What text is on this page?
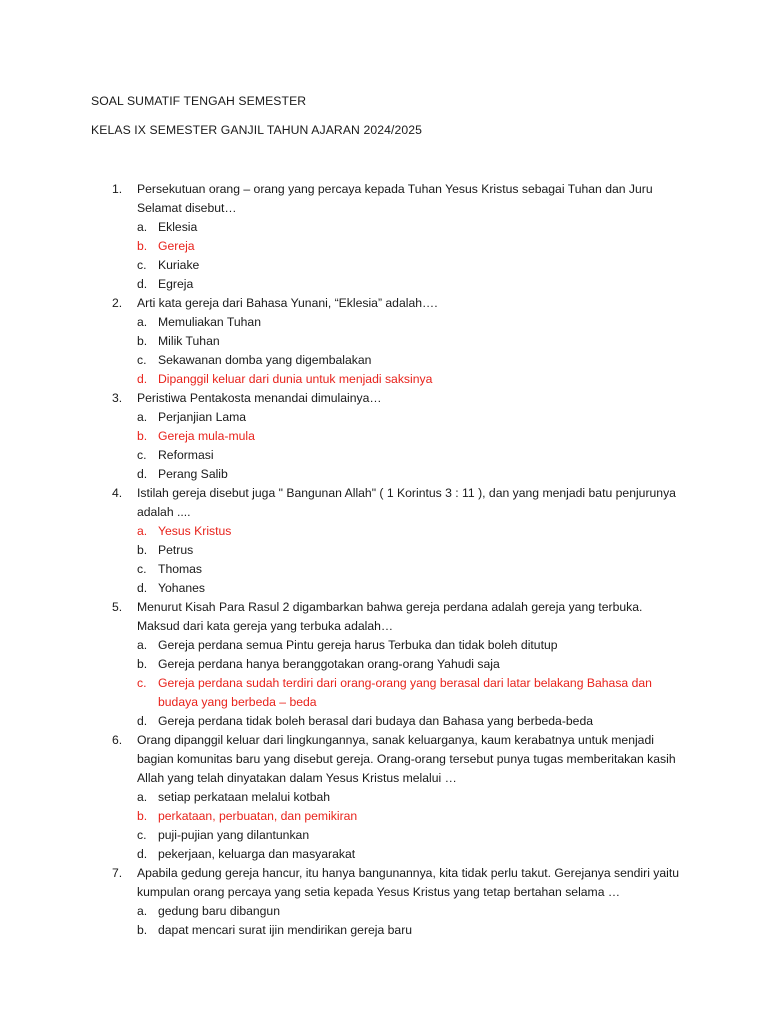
SOAL SUMATIF TENGAH SEMESTER
KELAS IX SEMESTER GANJIL TAHUN AJARAN 2024/2025
1.	Persekutuan orang – orang yang percaya kepada Tuhan Yesus Kristus sebagai Tuhan dan Juru Selamat disebut…
a. Eklesia
b. Gereja
c. Kuriake
d. Egreja
2.	Arti kata gereja dari Bahasa Yunani, “Eklesia” adalah….
a. Memuliakan Tuhan
b. Milik Tuhan
c. Sekawanan domba yang digembalakan
d. Dipanggil keluar dari dunia untuk menjadi saksinya
3.	Peristiwa Pentakosta menandai dimulainya…
a. Perjanjian Lama
b. Gereja mula-mula
c. Reformasi
d. Perang Salib
4.	Istilah gereja disebut juga " Bangunan Allah" ( 1 Korintus 3 : 11 ), dan yang menjadi batu penjurunya adalah ....
a. Yesus Kristus
b. Petrus
c. Thomas
d. Yohanes
5.	Menurut Kisah Para Rasul 2 digambarkan bahwa gereja perdana adalah gereja yang terbuka. Maksud dari kata gereja yang terbuka adalah…
a. Gereja perdana semua Pintu gereja harus Terbuka dan tidak boleh ditutup
b. Gereja perdana hanya beranggotakan orang-orang Yahudi saja
c. Gereja perdana sudah terdiri dari orang-orang yang berasal dari latar belakang Bahasa dan budaya yang berbeda – beda
d. Gereja perdana tidak boleh berasal dari budaya dan Bahasa yang berbeda-beda
6.	Orang dipanggil keluar dari lingkungannya, sanak keluarganya, kaum kerabatnya untuk menjadi bagian komunitas baru yang disebut gereja. Orang-orang tersebut punya tugas memberitakan kasih Allah yang telah dinyatakan dalam Yesus Kristus melalui …
a. setiap perkataan melalui kotbah
b. perkataan, perbuatan, dan pemikiran
c. puji-pujian yang dilantunkan
d. pekerjaan, keluarga dan masyarakat
7.	Apabila gedung gereja hancur, itu hanya bangunannya, kita tidak perlu takut. Gerejanya sendiri yaitu kumpulan orang percaya yang setia kepada Yesus Kristus yang tetap bertahan selama …
a. gedung baru dibangun
b. dapat mencari surat ijin mendirikan gereja baru
